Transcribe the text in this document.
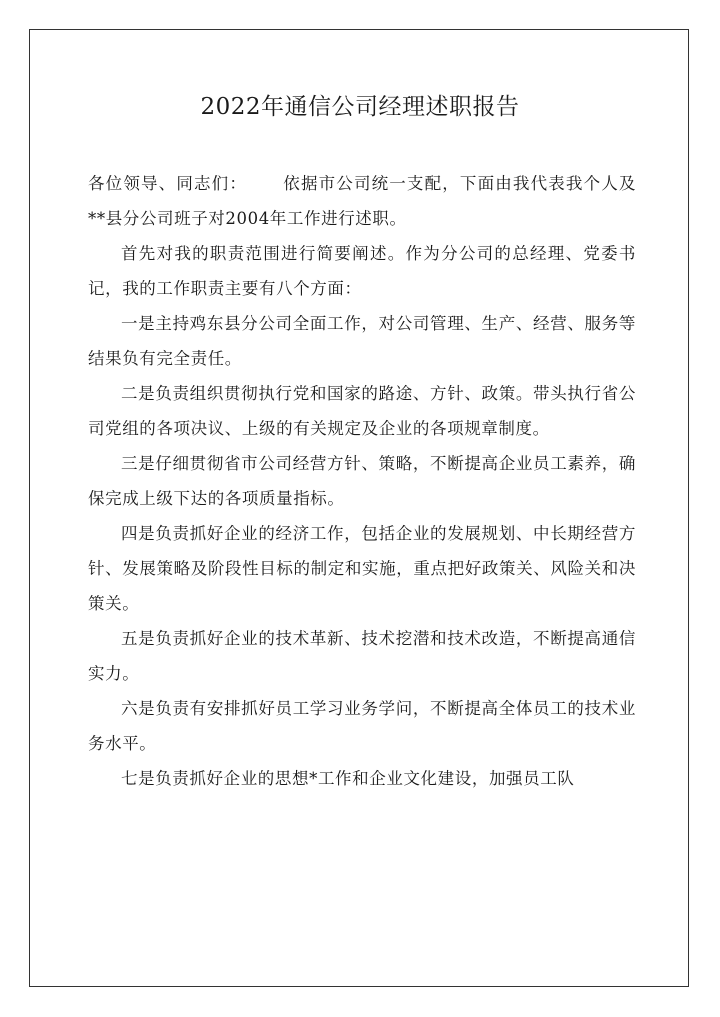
2022年通信公司经理述职报告

各位领导、同志们： 依据市公司统一支配，下面由我代表我个人及**县分公司班子对2004年工作进行述职。

首先对我的职责范围进行简要阐述。作为分公司的总经理、党委书记，我的工作职责主要有八个方面：

一是主持鸡东县分公司全面工作，对公司管理、生产、经营、服务等结果负有完全责任。

二是负责组织贯彻执行党和国家的路途、方针、政策。带头执行省公司党组的各项决议、上级的有关规定及企业的各项规章制度。

三是仔细贯彻省市公司经营方针、策略，不断提高企业员工素养，确保完成上级下达的各项质量指标。

四是负责抓好企业的经济工作，包括企业的发展规划、中长期经营方针、发展策略及阶段性目标的制定和实施，重点把好政策关、风险关和决策关。

五是负责抓好企业的技术革新、技术挖潜和技术改造，不断提高通信实力。

六是负责有安排抓好员工学习业务学问，不断提高全体员工的技术业务水平。

七是负责抓好企业的思想*工作和企业文化建设，加强员工队
